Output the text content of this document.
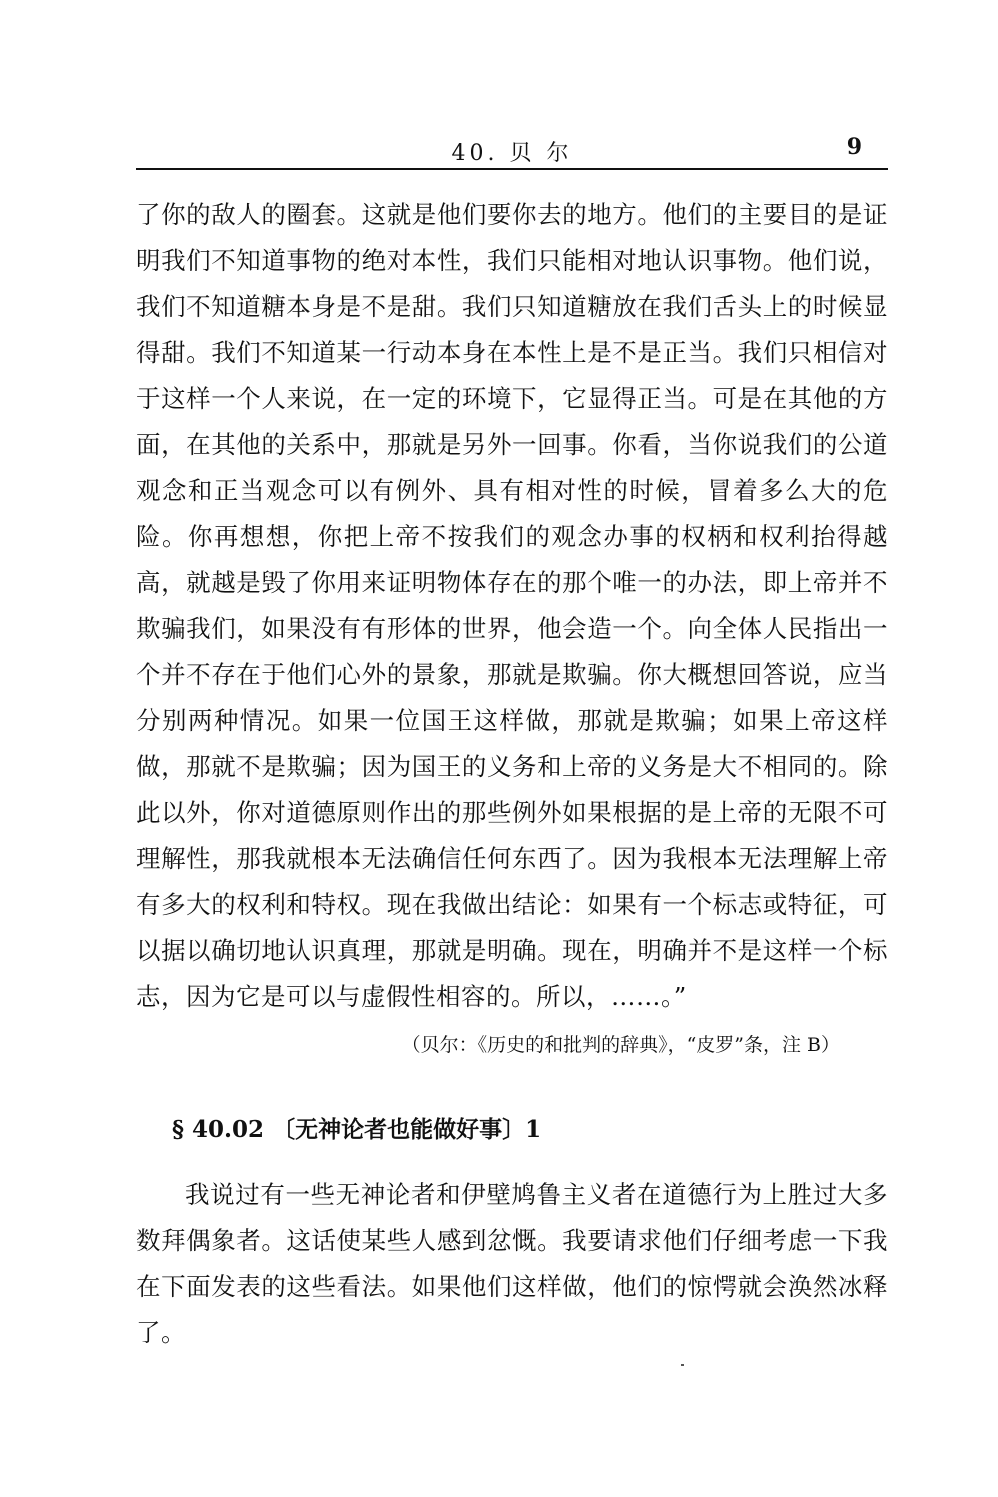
40. 贝 尔	9

了你的敌人的圈套。这就是他们要你去的地方。他们的主要目的是证明我们不知道事物的绝对本性，我们只能相对地认识事物。他们说，我们不知道糖本身是不是甜。我们只知道糖放在我们舌头上的时候显得甜。我们不知道某一行动本身在本性上是不是正当。我们只相信对于这样一个人来说，在一定的环境下，它显得正当。可是在其他的方面，在其他的关系中，那就是另外一回事。你看，当你说我们的公道观念和正当观念可以有例外、具有相对性的时候，冒着多么大的危险。你再想想，你把上帝不按我们的观念办事的权柄和权利抬得越高，就越是毁了你用来证明物体存在的那个唯一的办法，即上帝并不欺骗我们，如果没有有形体的世界，他会造一个。向全体人民指出一个并不存在于他们心外的景象，那就是欺骗。你大概想回答说，应当分别两种情况。如果一位国王这样做，那就是欺骗；如果上帝这样做，那就不是欺骗；因为国王的义务和上帝的义务是大不相同的。除此以外，你对道德原则作出的那些例外如果根据的是上帝的无限不可理解性，那我就根本无法确信任何东西了。因为我根本无法理解上帝有多大的权利和特权。现在我做出结论：如果有一个标志或特征，可以据以确切地认识真理，那就是明确。现在，明确并不是这样一个标志，因为它是可以与虚假性相容的。所以，……。”

（贝尔：《历史的和批判的辞典》，“皮罗”条，注 B）
§ 40.02 〔无神论者也能做好事〕1

我说过有一些无神论者和伊壁鸠鲁主义者在道德行为上胜过大多数拜偶象者。这话使某些人感到忿慨。我要请求他们仔细考虑一下我在下面发表的这些看法。如果他们这样做，他们的惊愕就会涣然冰释了。
